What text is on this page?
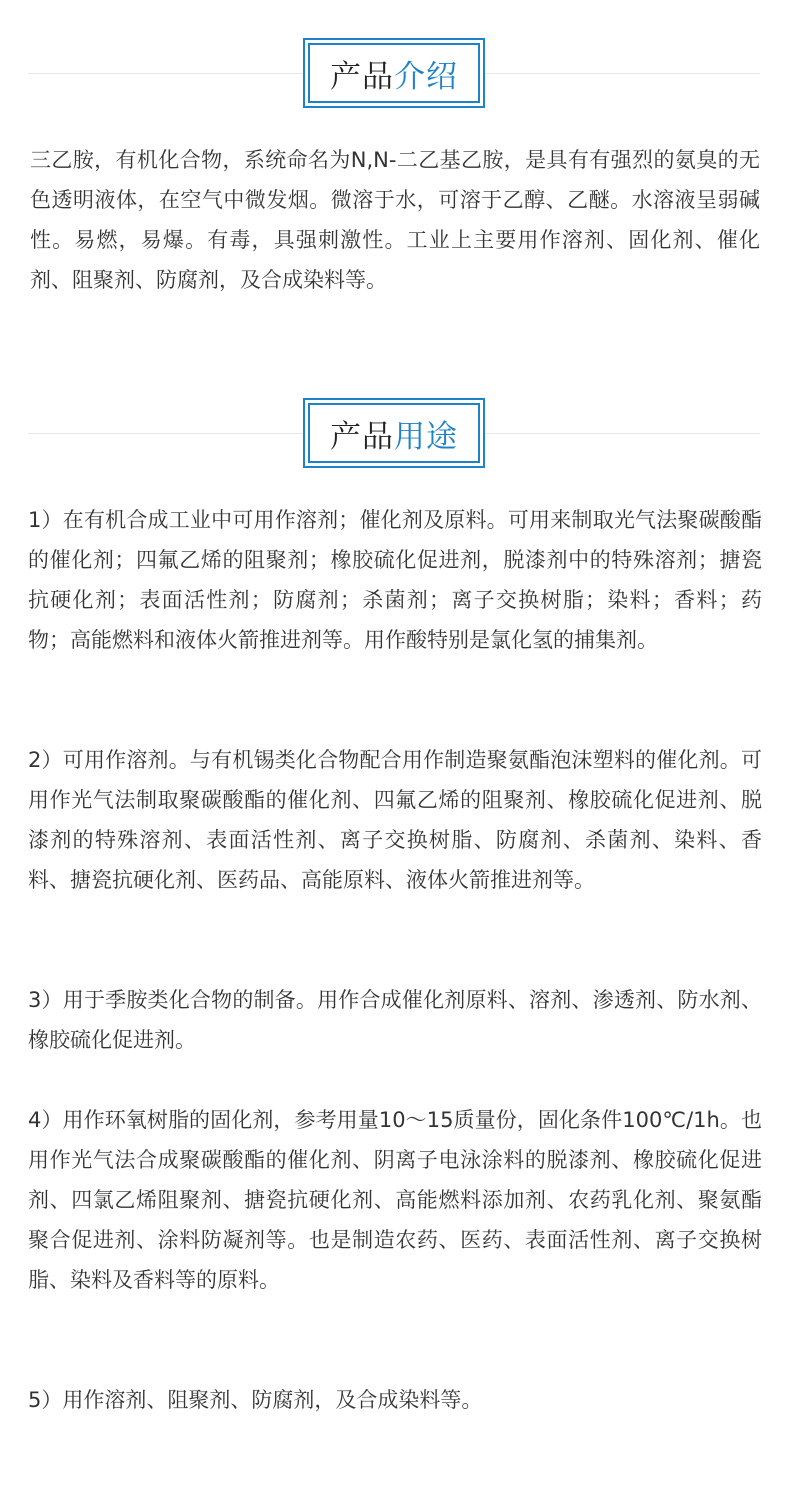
产品 介绍

三乙胺，有机化合物，系统命名为N,N-二乙基乙胺，是具有有强烈的氨臭的无色透明液体，在空气中微发烟。微溶于水，可溶于乙醇、乙醚。水溶液呈弱碱性。易燃，易爆。有毒，具强刺激性。工业上主要用作溶剂、固化剂、催化剂、阻聚剂、防腐剂，及合成染料等。

产品 用途

1）在有机合成工业中可用作溶剂；催化剂及原料。可用来制取光气法聚碳酸酯的催化剂；四氟乙烯的阻聚剂；橡胶硫化促进剂，脱漆剂中的特殊溶剂；搪瓷抗硬化剂；表面活性剂；防腐剂；杀菌剂；离子交换树脂；染料；香料；药物；高能燃料和液体火箭推进剂等。用作酸特别是氯化氢的捕集剂。

2）可用作溶剂。与有机锡类化合物配合用作制造聚氨酯泡沫塑料的催化剂。可用作光气法制取聚碳酸酯的催化剂、四氟乙烯的阻聚剂、橡胶硫化促进剂、脱漆剂的特殊溶剂、表面活性剂、离子交换树脂、防腐剂、杀菌剂、染料、香料、搪瓷抗硬化剂、医药品、高能原料、液体火箭推进剂等。

3）用于季胺类化合物的制备。用作合成催化剂原料、溶剂、渗透剂、防水剂、橡胶硫化促进剂。

4）用作环氧树脂的固化剂，参考用量10～15质量份，固化条件100℃/1h。也用作光气法合成聚碳酸酯的催化剂、阴离子电泳涂料的脱漆剂、橡胶硫化促进剂、四氯乙烯阻聚剂、搪瓷抗硬化剂、高能燃料添加剂、农药乳化剂、聚氨酯聚合促进剂、涂料防凝剂等。也是制造农药、医药、表面活性剂、离子交换树脂、染料及香料等的原料。

5）用作溶剂、阻聚剂、防腐剂，及合成染料等。
